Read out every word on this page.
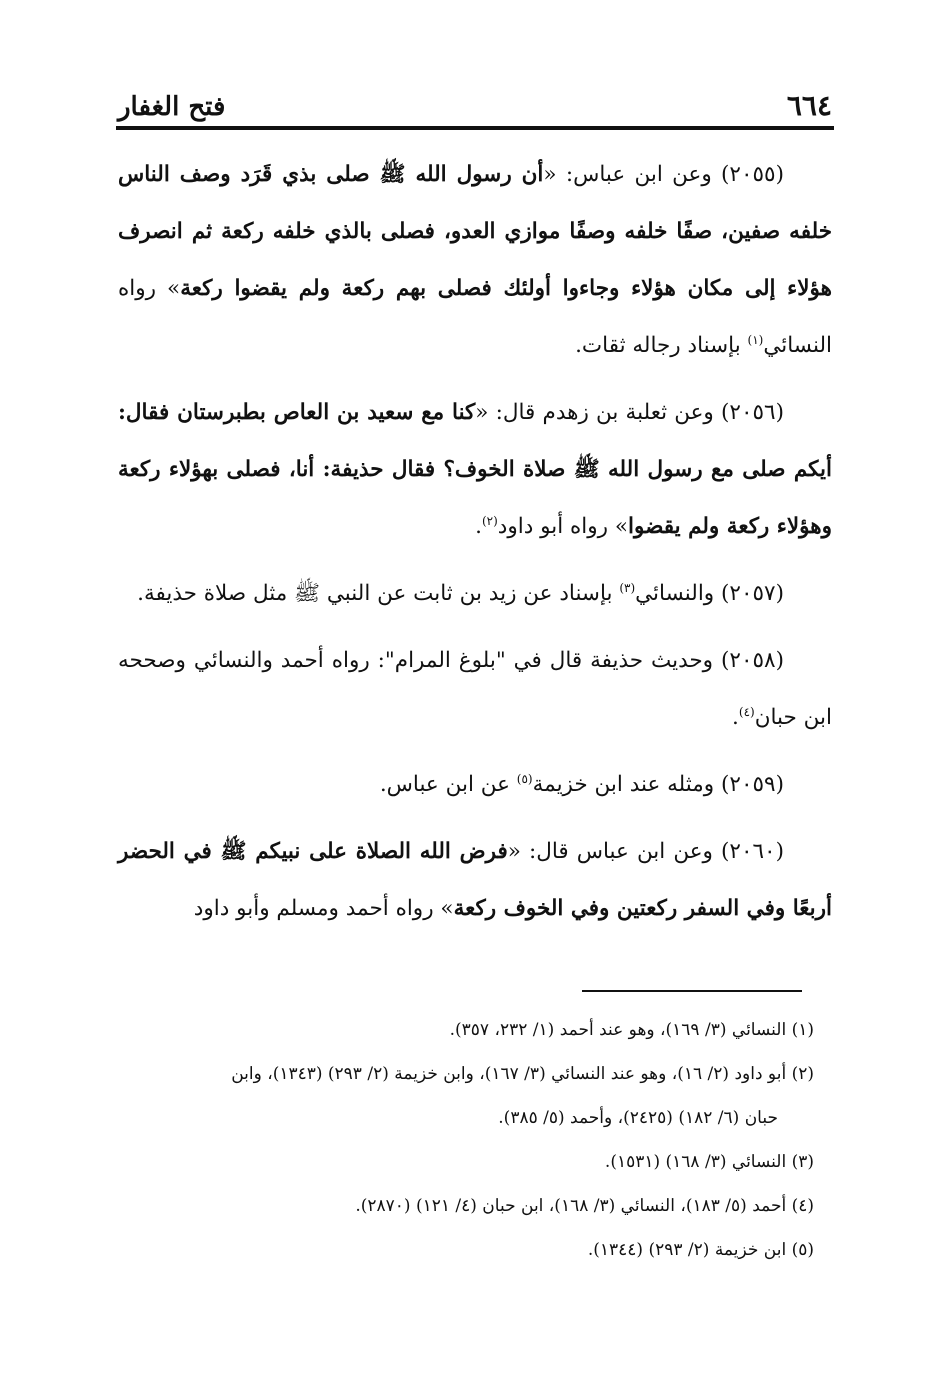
٦٦٤
فتح الغفار

(٢٠٥٥) وعن ابن عباس: «أن رسول الله ﷺ صلى بذي قَرَد وصف الناس خلفه صفين، صفًا خلفه وصفًا موازي العدو، فصلى بالذي خلفه ركعة ثم انصرف هؤلاء إلى مكان هؤلاء وجاءوا أولئك فصلى بهم ركعة ولم يقضوا ركعة» رواه النسائي$^{(١)}$ بإسناد رجاله ثقات.

(٢٠٥٦) وعن ثعلبة بن زهدم قال: «كنا مع سعيد بن العاص بطبرستان فقال: أيكم صلى مع رسول الله ﷺ صلاة الخوف؟ فقال حذيفة: أنا، فصلى بهؤلاء ركعة وهؤلاء ركعة ولم يقضوا» رواه أبو داود$^{(٢)}$.

(٢٠٥٧) والنسائي$^{(٣)}$ بإسناد عن زيد بن ثابت عن النبي ﷺ مثل صلاة حذيفة.

(٢٠٥٨) وحديث حذيفة قال في "بلوغ المرام": رواه أحمد والنسائي وصححه ابن حبان$^{(٤)}$.

(٢٠٥٩) ومثله عند ابن خزيمة$^{(٥)}$ عن ابن عباس.

(٢٠٦٠) وعن ابن عباس قال: «فرض الله الصلاة على نبيكم ﷺ في الحضر أربعًا وفي السفر ركعتين وفي الخوف ركعة» رواه أحمد ومسلم وأبو داود

(١) النسائي (٣/ ١٦٩)، وهو عند أحمد (١/ ٢٣٢، ٣٥٧).

(٢) أبو داود (٢/ ١٦)، وهو عند النسائي (٣/ ١٦٧)، وابن خزيمة (٢/ ٢٩٣) (١٣٤٣)، وابن
حبان (٦/ ١٨٢) (٢٤٢٥)، وأحمد (٥/ ٣٨٥).

(٣) النسائي (٣/ ١٦٨) (١٥٣١).

(٤) أحمد (٥/ ١٨٣)، النسائي (٣/ ١٦٨)، ابن حبان (٤/ ١٢١) (٢٨٧٠).

(٥) ابن خزيمة (٢/ ٢٩٣) (١٣٤٤).
